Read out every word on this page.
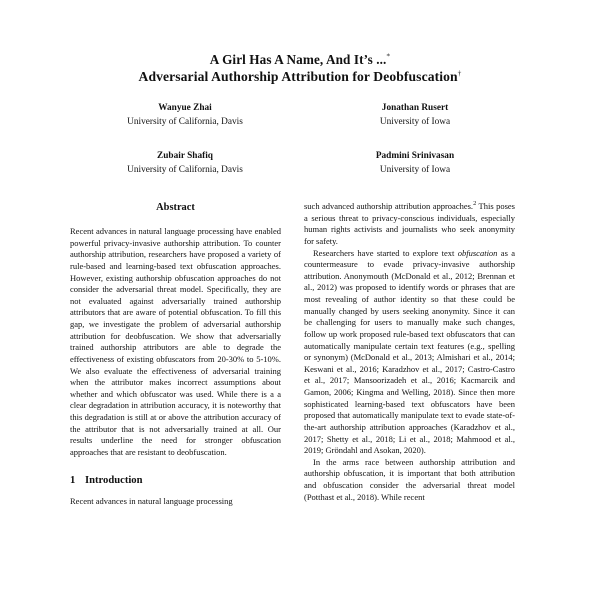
A Girl Has A Name, And It’s ...*
Adversarial Authorship Attribution for Deobfuscation†
Wanyue Zhai
University of California, Davis
Jonathan Rusert
University of Iowa
Zubair Shafiq
University of California, Davis
Padmini Srinivasan
University of Iowa
Abstract

Recent advances in natural language processing have enabled powerful privacy-invasive authorship attribution. To counter authorship attribution, researchers have proposed a variety of rule-based and learning-based text obfuscation approaches. However, existing authorship obfuscation approaches do not consider the adversarial threat model. Specifically, they are not evaluated against adversarially trained authorship attributors that are aware of potential obfuscation. To fill this gap, we investigate the problem of adversarial authorship attribution for deobfuscation. We show that adversarially trained authorship attributors are able to degrade the effectiveness of existing obfuscators from 20-30% to 5-10%. We also evaluate the effectiveness of adversarial training when the attributor makes incorrect assumptions about whether and which obfuscator was used. While there is a a clear degradation in attribution accuracy, it is noteworthy that this degradation is still at or above the attribution accuracy of the attributor that is not adversarially trained at all. Our results underline the need for stronger obfuscation approaches that are resistant to deobfuscation.

1 Introduction

Recent advances in natural language processing

such advanced authorship attribution approaches.$^2$ This poses a serious threat to privacy-conscious individuals, especially human rights activists and journalists who seek anonymity for safety.

Researchers have started to explore text obfuscation as a countermeasure to evade privacy-invasive authorship attribution. Anonymouth (McDonald et al., 2012; Brennan et al., 2012) was proposed to identify words or phrases that are most revealing of author identity so that these could be manually changed by users seeking anonymity. Since it can be challenging for users to manually make such changes, follow up work proposed rule-based text obfuscators that can automatically manipulate certain text features (e.g., spelling or synonym) (McDonald et al., 2013; Almishari et al., 2014; Keswani et al., 2016; Karadzhov et al., 2017; Castro-Castro et al., 2017; Mansoorizadeh et al., 2016; Kacmarcik and Gamon, 2006; Kingma and Welling, 2018). Since then more sophisticated learning-based text obfuscators have been proposed that automatically manipulate text to evade state-of-the-art authorship attribution approaches (Karadzhov et al., 2017; Shetty et al., 2018; Li et al., 2018; Mahmood et al., 2019; Gröndahl and Asokan, 2020).

In the arms race between authorship attribution and authorship obfuscation, it is important that both attribution and obfuscation consider the adversarial threat model (Potthast et al., 2018). While recent
